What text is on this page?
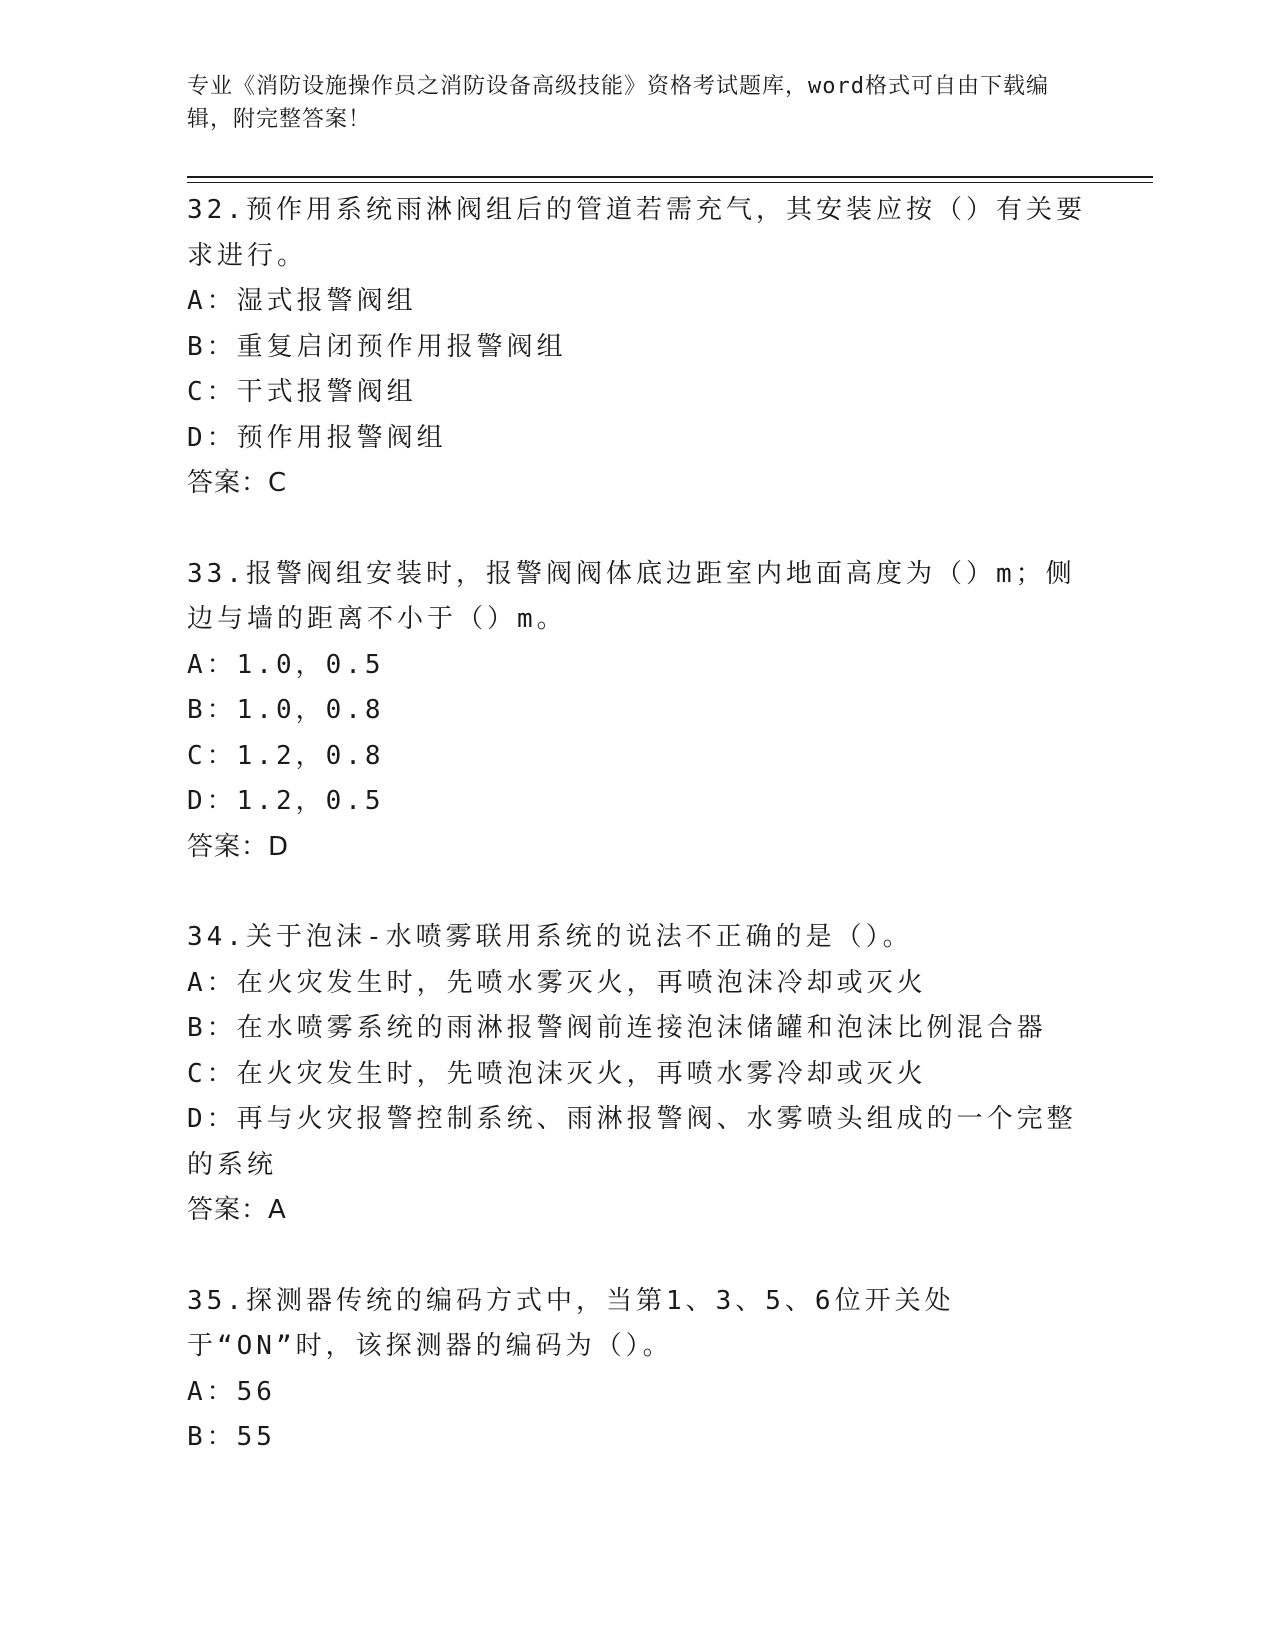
专业《消防设施操作员之消防设备高级技能》资格考试题库，word格式可自由下载编辑，附完整答案！

32.预作用系统雨淋阀组后的管道若需充气，其安装应按（）有关要求进行。

A：湿式报警阀组

B：重复启闭预作用报警阀组

C：干式报警阀组

D：预作用报警阀组

答案：C

33.报警阀组安装时，报警阀阀体底边距室内地面高度为（）m；侧边与墙的距离不小于（）m。

A：1.0，0.5

B：1.0，0.8

C：1.2，0.8

D：1.2，0.5

答案：D

34.关于泡沫-水喷雾联用系统的说法不正确的是（）。

A：在火灾发生时，先喷水雾灭火，再喷泡沫冷却或灭火

B：在水喷雾系统的雨淋报警阀前连接泡沫储罐和泡沫比例混合器

C：在火灾发生时，先喷泡沫灭火，再喷水雾冷却或灭火

D：再与火灾报警控制系统、雨淋报警阀、水雾喷头组成的一个完整的系统

答案：A

35.探测器传统的编码方式中，当第1、3、5、6位开关处于“ON”时，该探测器的编码为（）。

A：56

B：55
